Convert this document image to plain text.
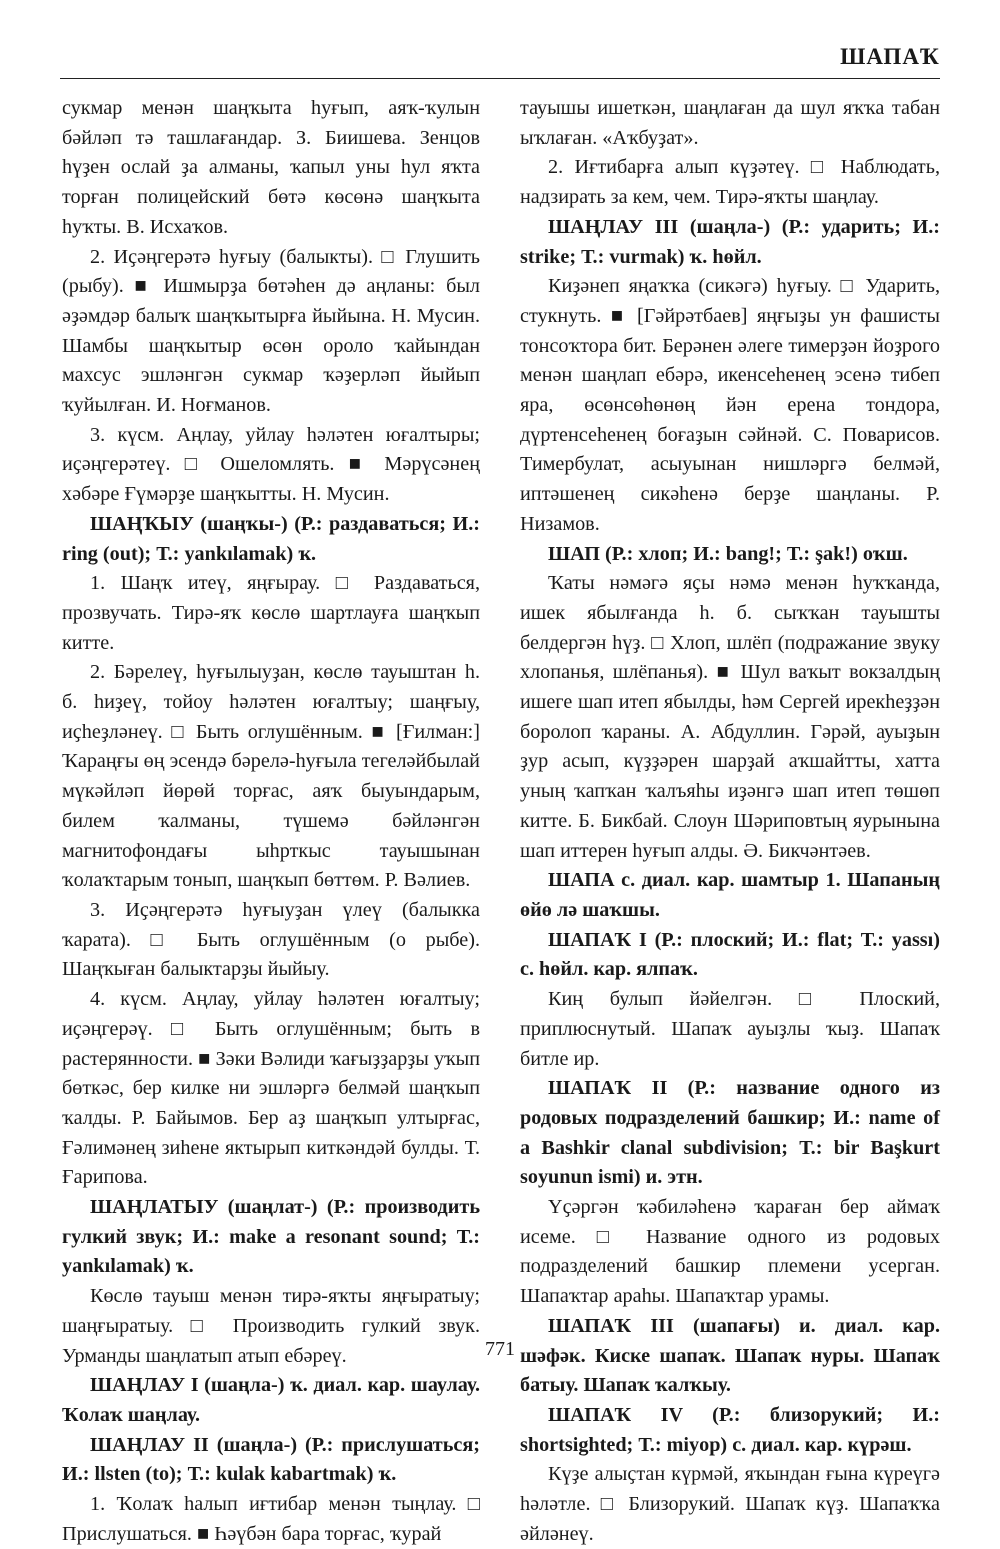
ШАПАҠ

сукмар менән шаңҡыта һуғып, аяҡ-ҡулын бәйләп тә ташлағандар. З. Биишева. Зенцов һүҙен ослай ҙа алманы, ҡапыл уны һул яҡта торған полицейский бөтә көсөнә шаңҡыта һуҡты. В. Исхаҡов.

2. Иҫәңгерәтә һуғыу (балыкты). □ Глушить (рыбу). ■ Ишмырҙа бөтәһен дә аңланы: был әҙәмдәр балыҡ шаңҡытырға йыйына. Н. Мусин. Шамбы шаңҡытыр өсөн ороло ҡайындан махсус эшләнгән сукмар ҡәҙерләп йыйып ҡуйылған. И. Ноғманов.

3. күсм. Аңлау, уйлау һәләтен юғалтыры; иҫәңгерәтеү. □ Ошеломлять. ■ Мәрүсәнең хәбәре Ғүмәрҙе шаңҡытты. Н. Мусин.

ШАҢҠЫУ (шаңҡы-) (Р.: раздаваться; И.: ring (out); Т.: yankılamak) ҡ.

1. Шаңҡ итеү, яңғырау. □ Раздаваться, прозвучать. Тирә-яҡ көслө шартлауға шаңҡып китте.

2. Бәрелеү, һуғылыуҙан, көслө тауыштан һ. б. һиҙеү, тойоу һәләтен юғалтыу; шаңғыу, иҫһеҙләнеү. □ Быть оглушённым. ■ [Ғилман:] Ҡараңғы өң эсендә бәрелә-һуғыла тегеләйбылай мүкәйләп йөрөй торғас, аяҡ быуындарым, билем ҡалманы, түшемә бәйләнгән магнитофондағы ыһрткыс тауышынан ҡолаҡтарым тонып, шаңҡып бөттөм. Р. Вәлиев.

3. Иҫәңгерәтә һуғыуҙан үлеү (балыкка ҡарата). □ Быть оглушённым (о рыбе). Шаңҡыған балыктарҙы йыйыу.

4. күсм. Аңлау, уйлау һәләтен юғалтыу; иҫәңгерәү. □ Быть оглушённым; быть в растерянности. ■ Зәки Вәлиди ҡағыҙҙарҙы уҡып бөткәс, бер килке ни эшләргә белмәй шаңҡып ҡалды. Р. Байымов. Бер аҙ шаңҡып ултырғас, Ғәлимәнең зиһене яктырып киткәндәй булды. Т. Ғарипова.

ШАҢЛАТЫУ (шаңлат-) (Р.: производить гулкий звук; И.: make a resonant sound; Т.: yankılamak) ҡ.

Көслө тауыш менән тирә-яҡты яңғыратыу; шаңғыратыу. □ Производить гулкий звук. Урманды шаңлатып атып ебәреү.

ШАҢЛАУ I (шаңла-) ҡ. диал. кар. шаулау. Ҡолаҡ шаңлау.

ШАҢЛАУ II (шаңла-) (Р.: прислушаться; И.: llsten (to); Т.: kulak kabartmak) ҡ.

1. Ҡолаҡ һалып иғтибар менән тыңлау. □ Прислушаться. ■ Һәүбән бара торғас, ҡурай

тауышы ишеткән, шаңлаған да шул яҡҡа табан ыҡлаған. «Аҡбуҙат».

2. Иғтибарға алып күҙәтеү. □ Наблюдать, надзирать за кем, чем. Тирә-яҡты шаңлау.

ШАҢЛАУ III (шаңла-) (Р.: ударить; И.: strike; Т.: vurmak) ҡ. һөйл.

Киҙәнеп яңаҡҡа (сикәгә) һуғыу. □ Ударить, стукнуть. ■ [Гәйрәтбаев] яңғыҙы ун фашисты тонсоҡтора бит. Берәнен әлеге тимерҙән йоҙрого менән шаңлап ебәрә, икенсеһенең эсенә тибеп яра, өсөнсөһөнөң йән ерена тондора, дүртенсеһенең боғаҙын сәйнәй. С. Поварисов. Тимербулат, асыуынан нишләргә белмәй, иптәшенең сикәһенә берҙе шаңланы. Р. Низамов.

ШАП (Р.: хлоп; И.: bang!; Т.: şak!) оҡш.

Ҡаты нәмәгә яҫы нәмә менән һуҡҡанда, ишек ябылғанда һ. б. сыҡҡан тауышты белдергән һүҙ. □ Хлоп, шлёп (подражание звуку хлопанья, шлёпанья). ■ Шул ваҡыт вокзалдың ишеге шап итеп ябылды, һәм Сергей ирекһеҙҙән боролоп ҡараны. А. Абдуллин. Гәрәй, ауыҙын ҙур асып, күҙҙәрен шарҙай аҡшайтты, хатта уның ҡапҡан ҡалъяһы иҙәнгә шап итеп төшөп китте. Б. Бикбай. Слоун Шәриповтың яурынына шап иттерен һуғып алды. Ә. Бикчәнтәев.

ШАПА с. диал. кар. шамтыр 1. Шапаның өйө лә шаҡшы.

ШАПАҠ I (Р.: плоский; И.: flat; Т.: yassı) с. һөйл. кар. ялпаҡ.

Киң булып йәйелгән. □ Плоский, приплюснутый. Шапаҡ ауыҙлы ҡыҙ. Шапаҡ битле ир.

ШАПАҠ II (Р.: название одного из родовых подразделений башкир; И.: name of a Bashkir clanal subdivision; Т.: bir Başkurt soyunun ismi) и. этн.

Үҫәргән ҡәбиләһенә ҡараған бер аймаҡ исеме. □ Название одного из родовых подразделений башкир племени усерган. Шапаҡтар араһы. Шапаҡтар урамы.

ШАПАҠ III (шапағы) и. диал. кар. шәфәк. Киске шапаҡ. Шапаҡ нуры. Шапаҡ батыу. Шапаҡ ҡалҡыу.

ШАПАҠ IV (Р.: близорукий; И.: shortsighted; Т.: miyop) с. диал. кар. күрәш.

Күҙе алыҫтан күрмәй, яҡындан ғына күреүгә һәләтле. □ Близорукий. Шапаҡ күҙ. Шапаҡҡа әйләнеү.

771
